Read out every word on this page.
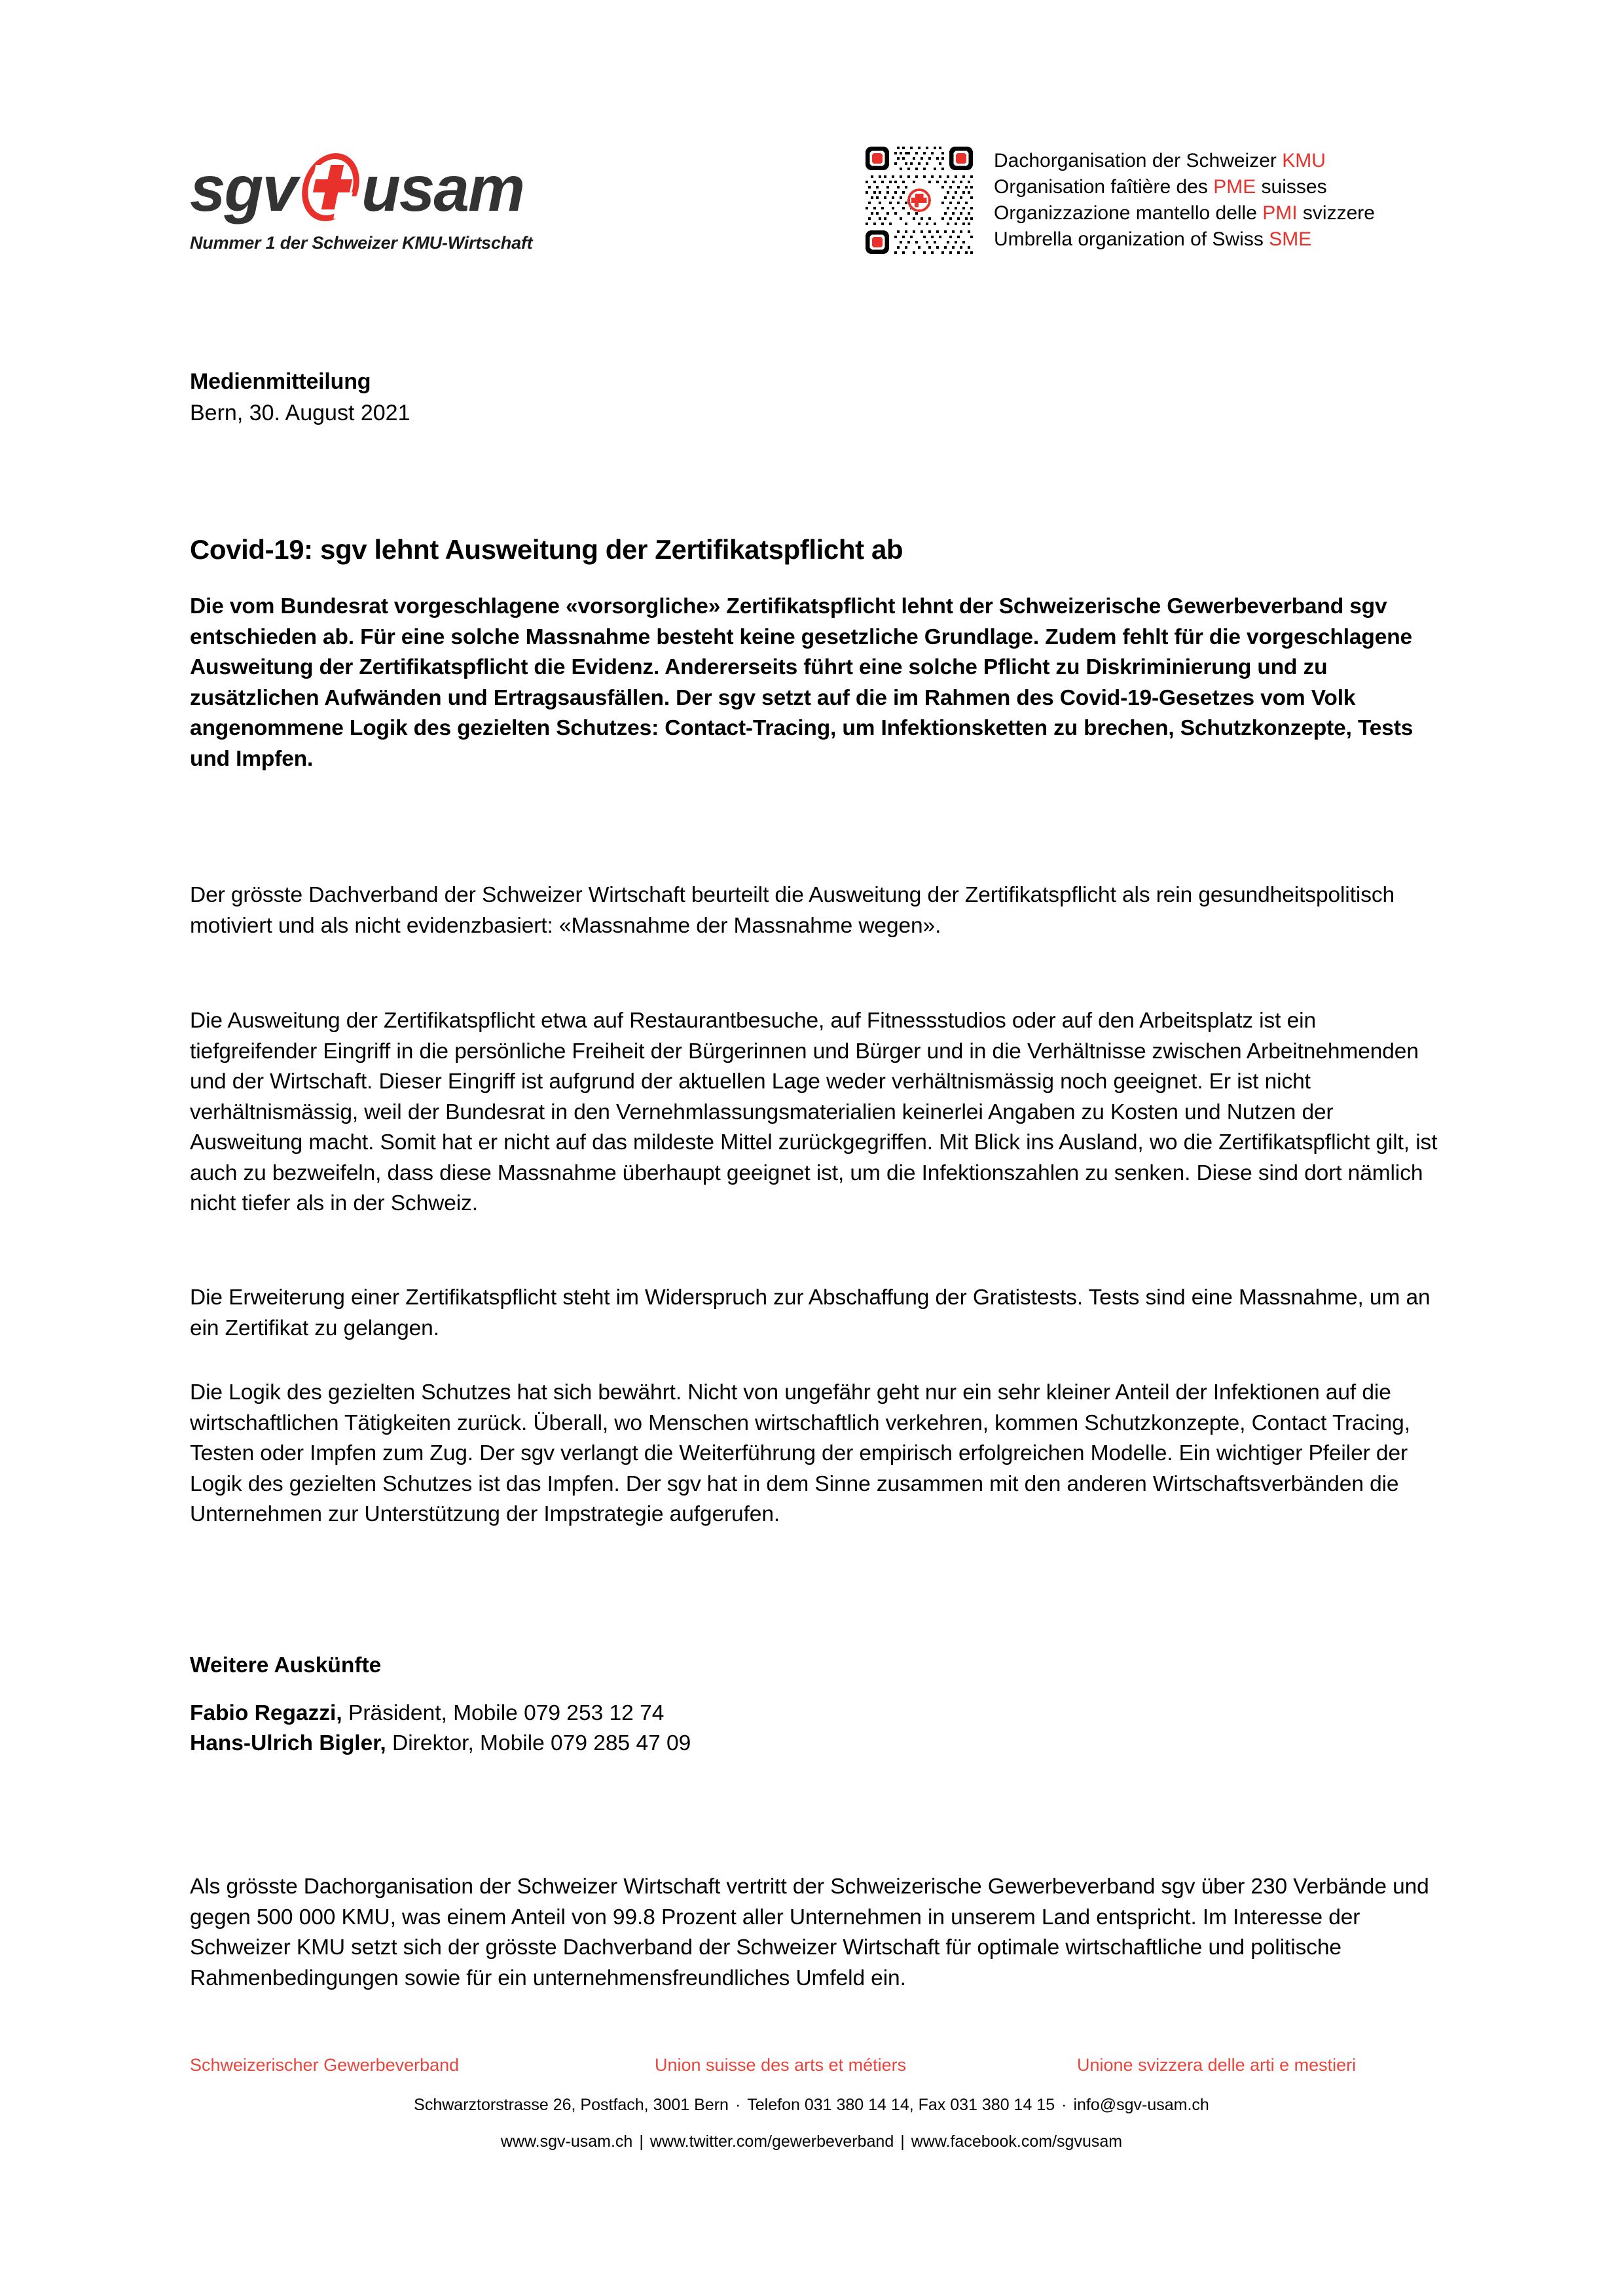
sgv usam
Nummer 1 der Schweizer KMU-Wirtschaft
Dachorganisation der Schweizer KMU
Organisation faîtière des PME suisses
Organizzazione mantello delle PMI svizzere
Umbrella organization of Swiss SME
Medienmitteilung
Bern, 30. August 2021
Covid-19: sgv lehnt Ausweitung der Zertifikatspflicht ab
Die vom Bundesrat vorgeschlagene «vorsorgliche» Zertifikatspflicht lehnt der Schweizerische Gewerbeverband sgv entschieden ab. Für eine solche Massnahme besteht keine gesetzliche Grundlage. Zudem fehlt für die vorgeschlagene Ausweitung der Zertifikatspflicht die Evidenz. Andererseits führt eine solche Pflicht zu Diskriminierung und zu zusätzlichen Aufwänden und Ertragsausfällen. Der sgv setzt auf die im Rahmen des Covid-19-Gesetzes vom Volk angenommene Logik des gezielten Schutzes: Contact-Tracing, um Infektionsketten zu brechen, Schutzkonzepte, Tests und Impfen.
Der grösste Dachverband der Schweizer Wirtschaft beurteilt die Ausweitung der Zertifikatspflicht als rein gesundheitspolitisch motiviert und als nicht evidenzbasiert: «Massnahme der Massnahme wegen».
Die Ausweitung der Zertifikatspflicht etwa auf Restaurantbesuche, auf Fitnessstudios oder auf den Arbeitsplatz ist ein tiefgreifender Eingriff in die persönliche Freiheit der Bürgerinnen und Bürger und in die Verhältnisse zwischen Arbeitnehmenden und der Wirtschaft. Dieser Eingriff ist aufgrund der aktuellen Lage weder verhältnismässig noch geeignet. Er ist nicht verhältnismässig, weil der Bundesrat in den Vernehmlassungsmaterialien keinerlei Angaben zu Kosten und Nutzen der Ausweitung macht. Somit hat er nicht auf das mildeste Mittel zurückgegriffen. Mit Blick ins Ausland, wo die Zertifikatspflicht gilt, ist auch zu bezweifeln, dass diese Massnahme überhaupt geeignet ist, um die Infektionszahlen zu senken. Diese sind dort nämlich nicht tiefer als in der Schweiz.
Die Erweiterung einer Zertifikatspflicht steht im Widerspruch zur Abschaffung der Gratistests. Tests sind eine Massnahme, um an ein Zertifikat zu gelangen.
Die Logik des gezielten Schutzes hat sich bewährt. Nicht von ungefähr geht nur ein sehr kleiner Anteil der Infektionen auf die wirtschaftlichen Tätigkeiten zurück. Überall, wo Menschen wirtschaftlich verkehren, kommen Schutzkonzepte, Contact Tracing, Testen oder Impfen zum Zug. Der sgv verlangt die Weiterführung der empirisch erfolgreichen Modelle. Ein wichtiger Pfeiler der Logik des gezielten Schutzes ist das Impfen. Der sgv hat in dem Sinne zusammen mit den anderen Wirtschaftsverbänden die Unternehmen zur Unterstützung der Impstrategie aufgerufen.
Weitere Auskünfte
Fabio Regazzi, Präsident, Mobile 079 253 12 74
Hans-Ulrich Bigler, Direktor, Mobile 079 285 47 09
Als grösste Dachorganisation der Schweizer Wirtschaft vertritt der Schweizerische Gewerbeverband sgv über 230 Verbände und gegen 500 000 KMU, was einem Anteil von 99.8 Prozent aller Unternehmen in unserem Land entspricht. Im Interesse der Schweizer KMU setzt sich der grösste Dachverband der Schweizer Wirtschaft für optimale wirtschaftliche und politische Rahmenbedingungen sowie für ein unternehmensfreundliches Umfeld ein.
Schweizerischer Gewerbeverband	Union suisse des arts et métiers	Unione svizzera delle arti e mestieri
Schwarztorstrasse 26, Postfach, 3001 Bern · Telefon 031 380 14 14, Fax 031 380 14 15 · info@sgv-usam.ch
www.sgv-usam.ch | www.twitter.com/gewerbeverband | www.facebook.com/sgvusam
